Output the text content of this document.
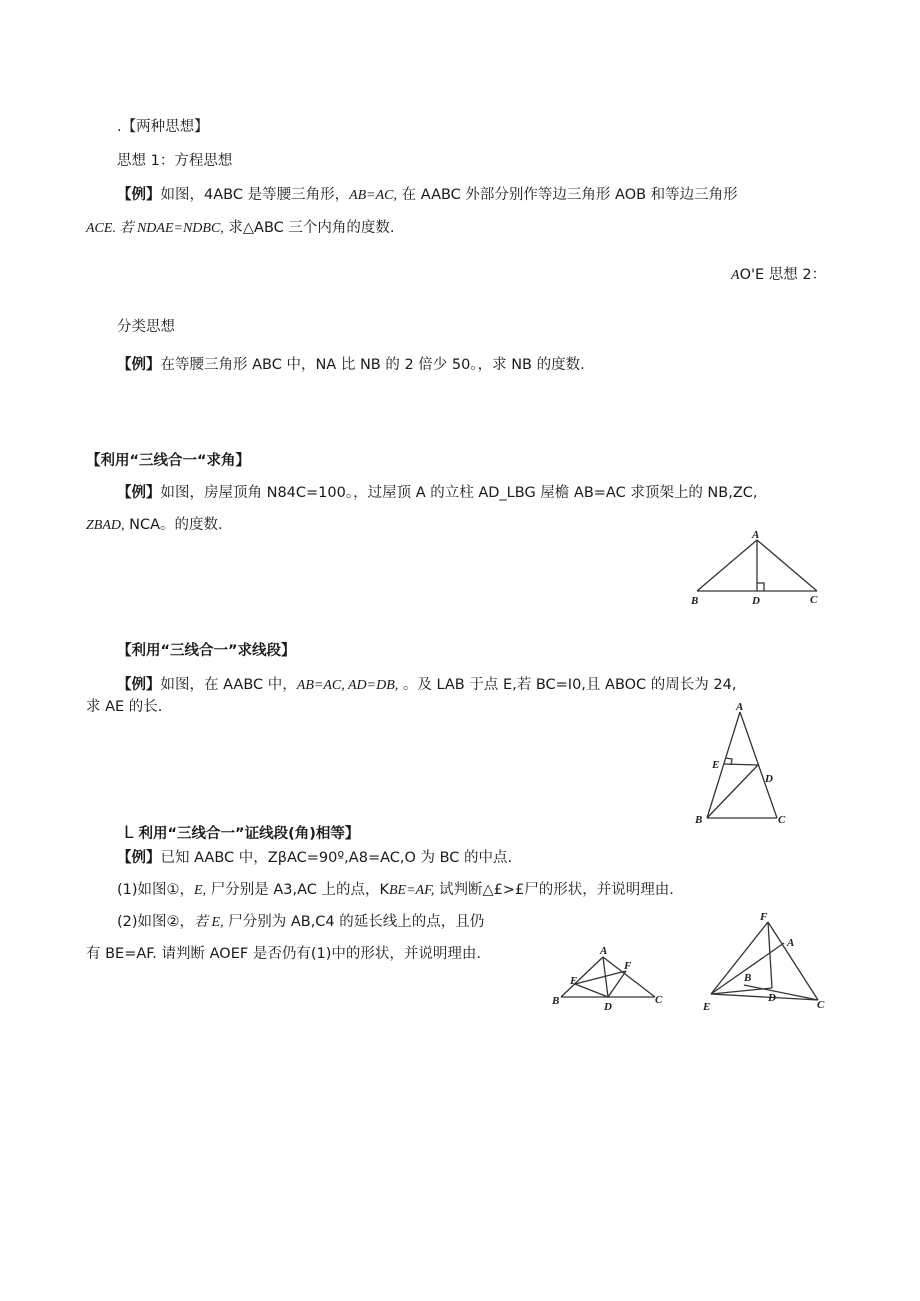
.【两种思想】
思想 1：方程思想
【例】如图，4ABC 是等腰三角形，AB=AC, 在 AABC 外部分别作等边三角形 AOB 和等边三角形
ACE. 若 NDAE=NDBC, 求△ABC 三个内角的度数.
AO'E 思想 2：
分类思想
【例】在等腰三角形 ABC 中，NA 比 NB 的 2 倍少 50。，求 NB 的度数.
【利用“三线合一“求角】
【例】如图，房屋顶角 N84C=100。，过屋顶 A 的立柱 AD_LBG 屋檐 AB=AC 求顶架上的 NB,ZC,
ZBAD, NCA。的度数.
A
B	D	C
【利用“三线合一”求线段】
【例】如图，在 AABC 中，AB=AC, AD=DB, 。及 LAB 于点 E,若 BC=I0,且 ABOC 的周长为 24,
求 AE 的长.	A
E
D
B	C
L 利用“三线合一”证线段(角)相等】
【例】已知 AABC 中，ZβAC=90º,A8=AC,O 为 BC 的中点.
(1)如图①，E, 尸分别是 A3,AC 上的点，KBE=AF, 试判断△£>£尸的形状，并说明理由.
(2)如图②，若 E, 尸分别为 AB,C4 的延长线上的点，且仍
有 BE=AF. 请判断 AOEF 是否仍有(1)中的形状，并说明理由.	A
F
E
B	D
C
F
A
B
D
E	C
